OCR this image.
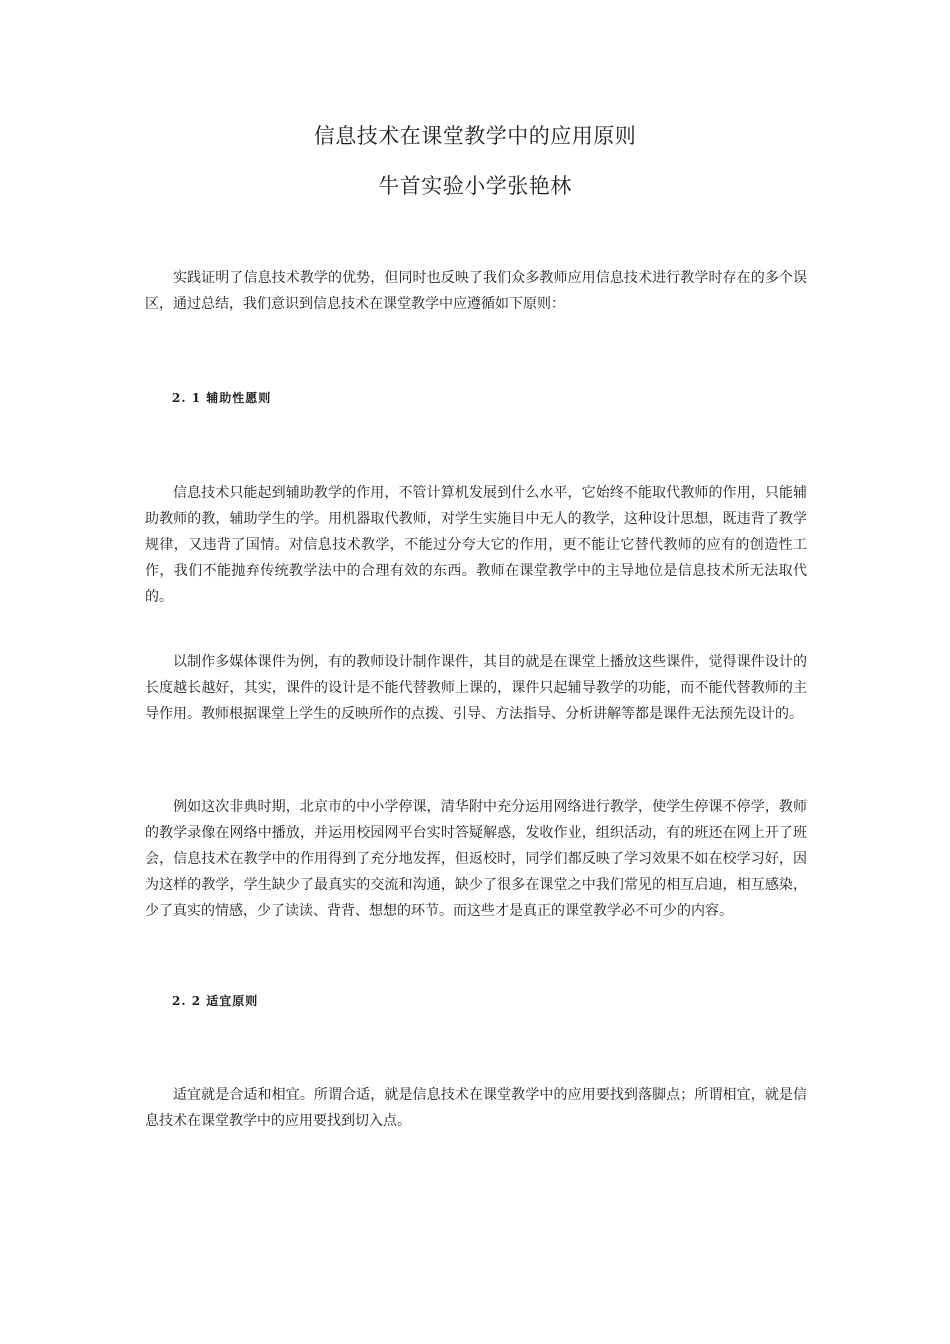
信息技术在课堂教学中的应用原则
牛首实验小学张艳林

实践证明了信息技术教学的优势，但同时也反映了我们众多教师应用信息技术进行教学时存在的多个误区，通过总结，我们意识到信息技术在课堂教学中应遵循如下原则：

2. 1 辅助性愿则

信息技术只能起到辅助教学的作用，不管计算机发展到什么水平，它始终不能取代教师的作用，只能辅助教师的教，辅助学生的学。用机器取代教师，对学生实施目中无人的教学，这种设计思想，既违背了教学规律，又违背了国情。对信息技术教学，不能过分夸大它的作用，更不能让它替代教师的应有的创造性工作，我们不能抛弃传统教学法中的合理有效的东西。教师在课堂教学中的主导地位是信息技术所无法取代的。

以制作多媒体课件为例，有的教师设计制作课件，其目的就是在课堂上播放这些课件，觉得课件设计的长度越长越好，其实，课件的设计是不能代替教师上课的，课件只起辅导教学的功能，而不能代替教师的主导作用。教师根据课堂上学生的反映所作的点拨、引导、方法指导、分析讲解等都是课件无法预先设计的。

例如这次非典时期，北京市的中小学停课，清华附中充分运用网络进行教学，使学生停课不停学，教师的教学录像在网络中播放，并运用校园网平台实时答疑解惑，发收作业，组织活动，有的班还在网上开了班会，信息技术在教学中的作用得到了充分地发挥，但返校时，同学们都反映了学习效果不如在校学习好，因为这样的教学，学生缺少了最真实的交流和沟通，缺少了很多在课堂之中我们常见的相互启迪，相互感染，少了真实的情感，少了读读、背背、想想的环节。而这些才是真正的课堂教学必不可少的内容。

2. 2 适宜原则

适宜就是合适和相宜。所谓合适，就是信息技术在课堂教学中的应用要找到落脚点；所谓相宜，就是信息技术在课堂教学中的应用要找到切入点。
